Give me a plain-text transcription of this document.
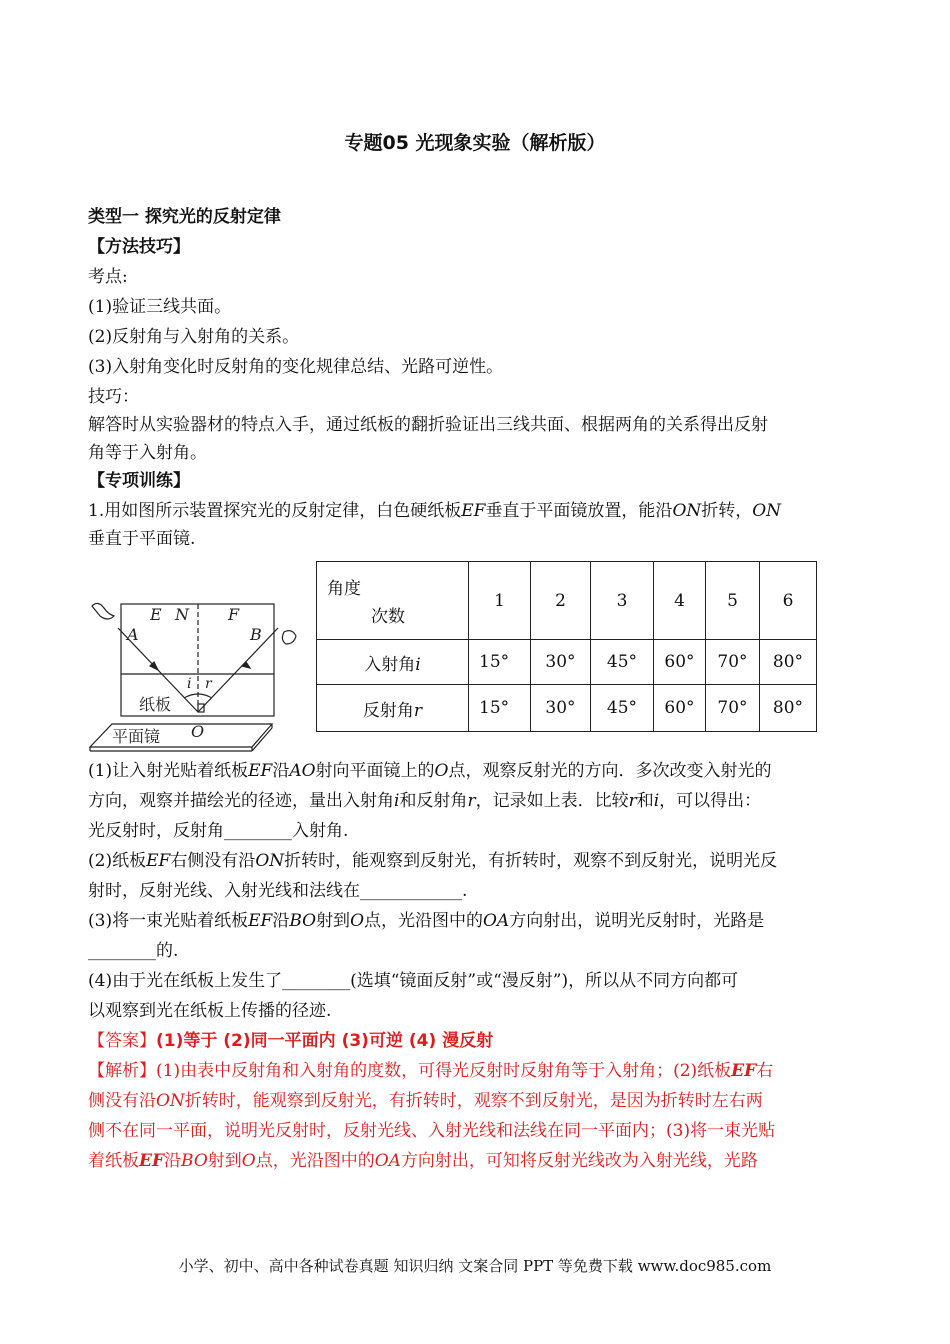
专题05 光现象实验（解析版）
类型一 探究光的反射定律
【方法技巧】
考点:
(1)验证三线共面。
(2)反射角与入射角的关系。
(3)入射角变化时反射角的变化规律总结、光路可逆性。
技巧：
解答时从实验器材的特点入手，通过纸板的翻折验证出三线共面、根据两角的关系得出反射
角等于入射角。
【专项训练】
1.用如图所示装置探究光的反射定律，白色硬纸板EF垂直于平面镜放置，能沿ON折转，ON
垂直于平面镜.
E N F
A	B
i r
O
纸板
平面镜
角度
次数	1	2	3	4	5	6
入射角i	15°	30°	45°	60°	70°	80°
反射角r	15°	30°	45°	60°	70°	80°
(1)让入射光贴着纸板EF沿AO射向平面镜上的O点，观察反射光的方向．多次改变入射光的
方向，观察并描绘光的径迹，量出入射角i和反射角r，记录如上表．比较r和i，可以得出：
光反射时，反射角________入射角.
(2)纸板EF右侧没有沿ON折转时，能观察到反射光，有折转时，观察不到反射光，说明光反
射时，反射光线、入射光线和法线在____________.
(3)将一束光贴着纸板EF沿BO射到O点，光沿图中的OA方向射出，说明光反射时，光路是
________的.
(4)由于光在纸板上发生了________(选填“镜面反射”或“漫反射”)，所以从不同方向都可
以观察到光在纸板上传播的径迹.
【答案】(1)等于 (2)同一平面内 (3)可逆 (4) 漫反射
【解析】(1)由表中反射角和入射角的度数，可得光反射时反射角等于入射角；(2)纸板EF右
侧没有沿ON折转时，能观察到反射光，有折转时，观察不到反射光，是因为折转时左右两
侧不在同一平面，说明光反射时，反射光线、入射光线和法线在同一平面内；(3)将一束光贴
着纸板EF沿BO射到O点，光沿图中的OA方向射出，可知将反射光线改为入射光线，光路
小学、初中、高中各种试卷真题 知识归纳 文案合同 PPT 等免费下载 www.doc985.com
